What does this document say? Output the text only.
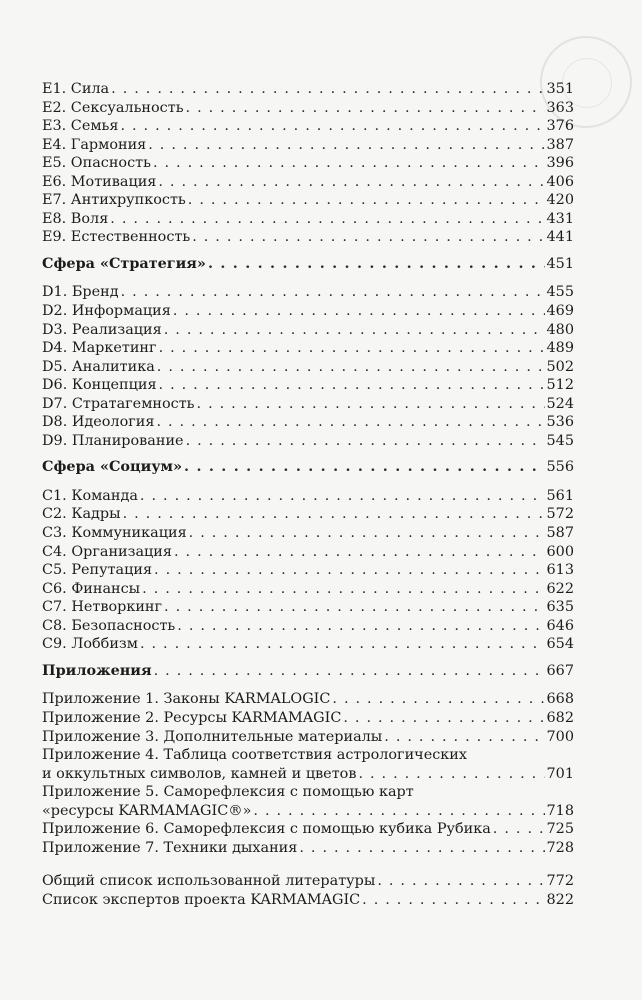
E1. Сила . . .	351
E2. Сексуальность . . .	363
E3. Семья . . .	376
E4. Гармония . . .	387
E5. Опасность . . .	396
E6. Мотивация . . .	406
E7. Антихрупкость . . .	420
E8. Воля . . .	431
E9. Естественность . . .	441
Сфера «Стратегия» . . .	451
D1. Бренд . . .	455
D2. Информация . . .	469
D3. Реализация . . .	480
D4. Маркетинг . . .	489
D5. Аналитика . . .	502
D6. Концепция . . .	512
D7. Стратагемность . . .	524
D8. Идеология . . .	536
D9. Планирование . . .	545
Сфера «Социум» . . .	556
C1. Команда . . .	561
C2. Кадры . . .	572
C3. Коммуникация . . .	587
C4. Организация . . .	600
C5. Репутация . . .	613
C6. Финансы . . .	622
C7. Нетворкинг . . .	635
C8. Безопасность . . .	646
C9. Лоббизм . . .	654
Приложения . . .	667
Приложение 1. Законы KARMALOGIC . . .	668
Приложение 2. Ресурсы KARMAMAGIC . . .	682
Приложение 3. Дополнительные материалы . . .	700
Приложение 4. Таблица соответствия астрологических
и оккультных символов, камней и цветов . . .	701
Приложение 5. Саморефлексия с помощью карт
«ресурсы KARMAMAGIC®» . . .	718
Приложение 6. Саморефлексия с помощью кубика Рубика . . .	725
Приложение 7. Техники дыхания . . .	728
Общий список использованной литературы . . .	772
Список экспертов проекта KARMAMAGIC . . .	822
